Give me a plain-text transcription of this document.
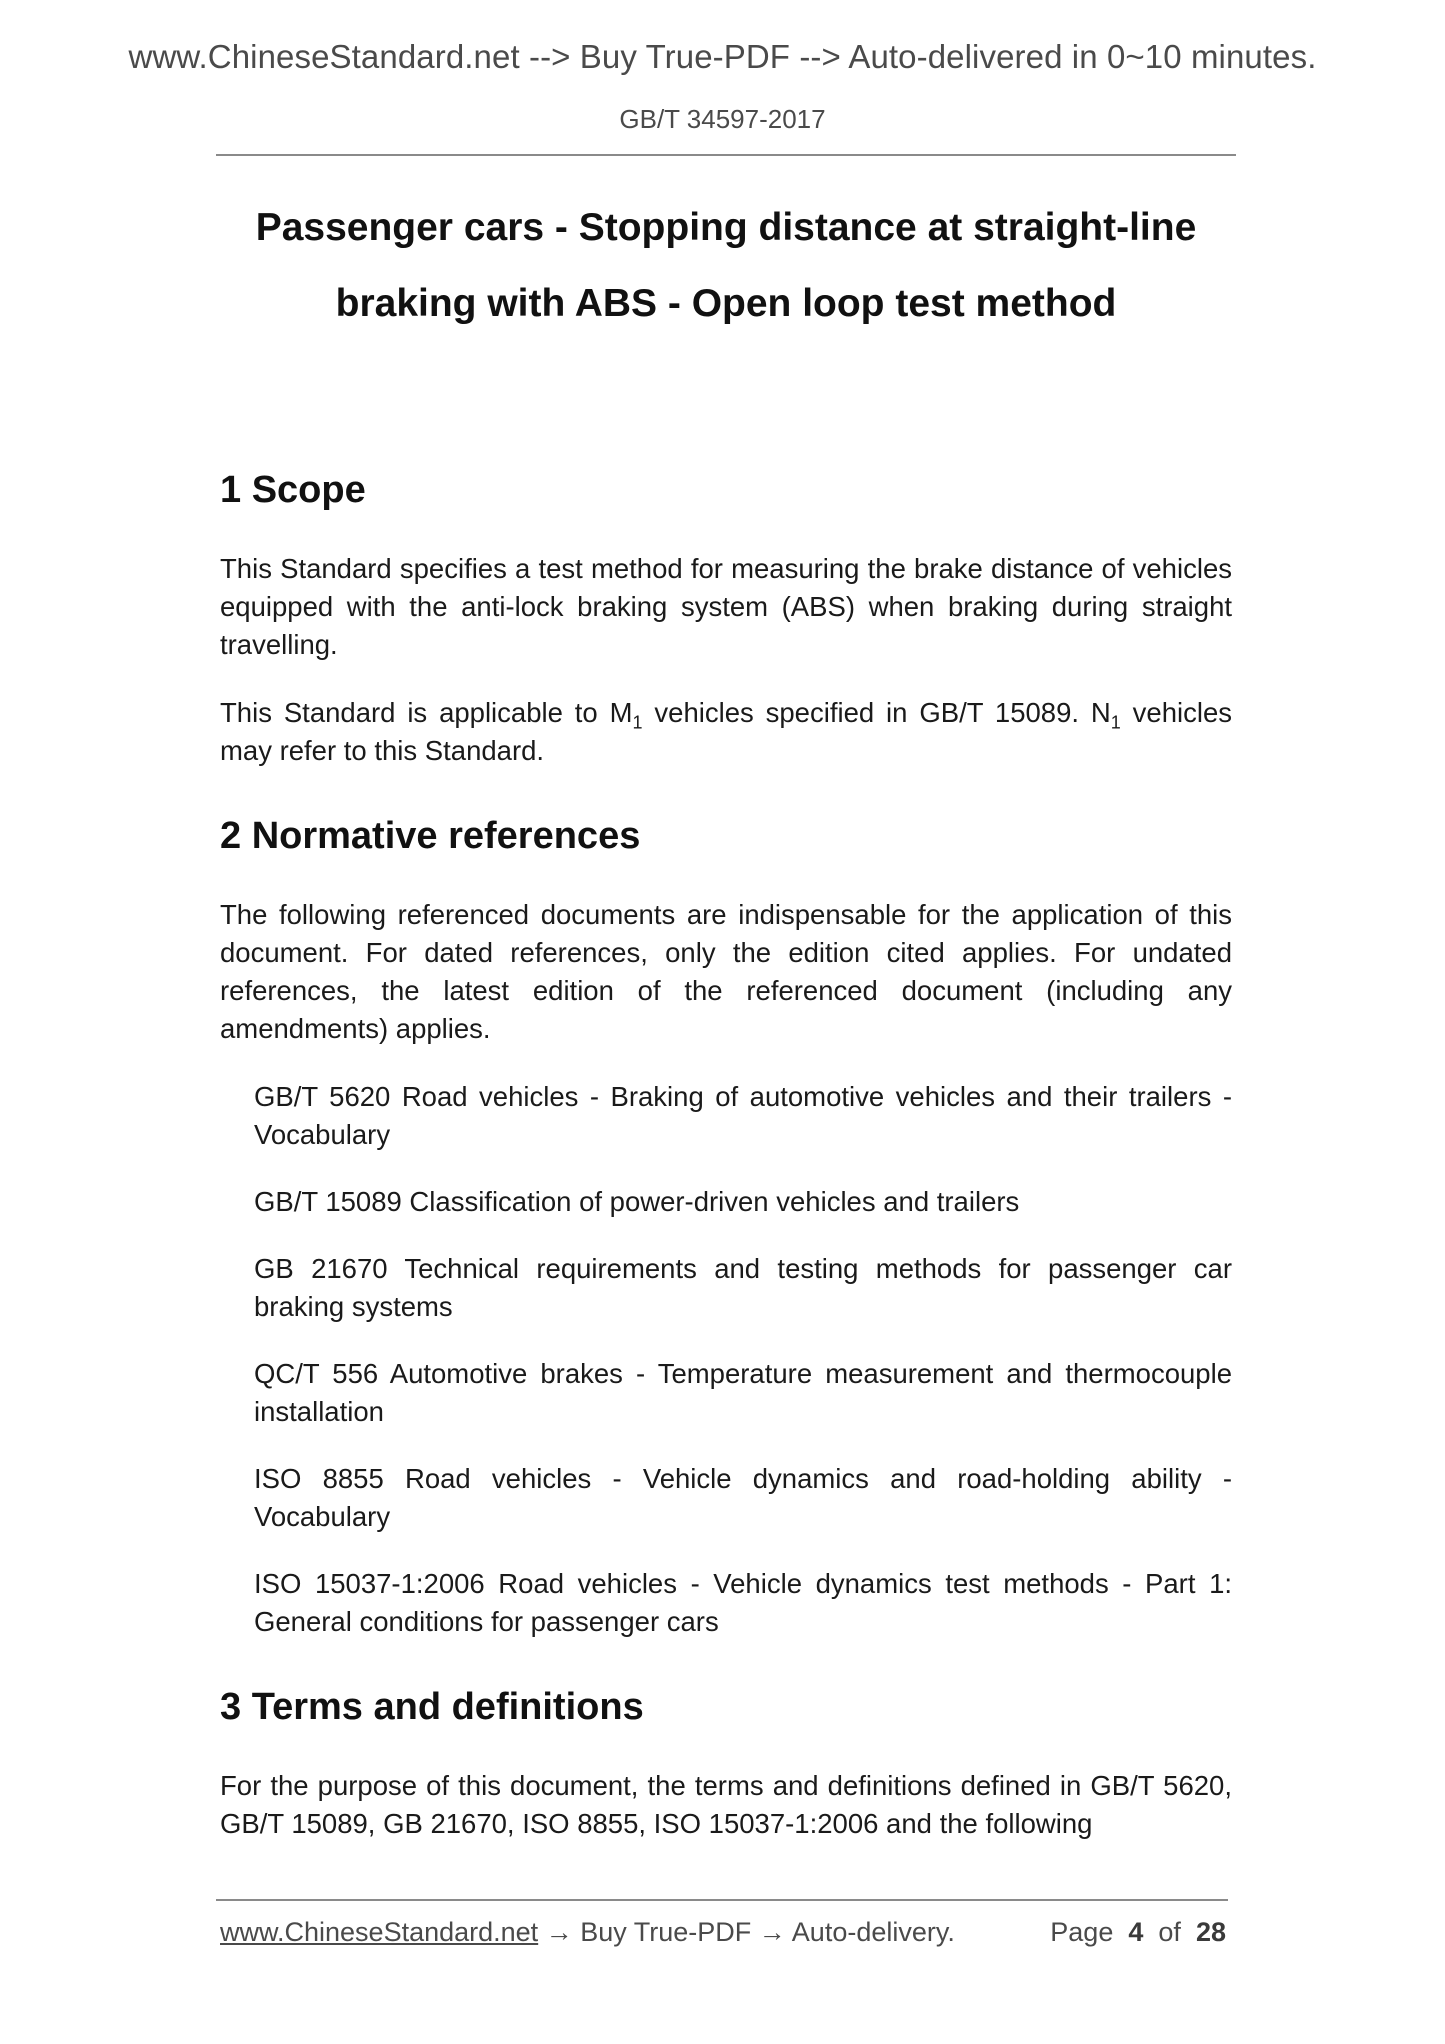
www.ChineseStandard.net --> Buy True-PDF --> Auto-delivered in 0~10 minutes.
GB/T 34597-2017
Passenger cars - Stopping distance at straight-line
braking with ABS - Open loop test method
1 Scope

This Standard specifies a test method for measuring the brake distance of vehicles equipped with the anti-lock braking system (ABS) when braking during straight travelling.

This Standard is applicable to $M_1$ vehicles specified in GB/T 15089. $N_1$ vehicles may refer to this Standard.

2 Normative references

The following referenced documents are indispensable for the application of this document. For dated references, only the edition cited applies. For undated references, the latest edition of the referenced document (including any amendments) applies.

GB/T 5620 Road vehicles - Braking of automotive vehicles and their trailers - Vocabulary
GB/T 15089 Classification of power-driven vehicles and trailers
GB 21670 Technical requirements and testing methods for passenger car braking systems
QC/T 556 Automotive brakes - Temperature measurement and thermocouple installation
ISO 8855 Road vehicles - Vehicle dynamics and road-holding ability - Vocabulary
ISO 15037-1:2006 Road vehicles - Vehicle dynamics test methods - Part 1: General conditions for passenger cars
3 Terms and definitions

For the purpose of this document, the terms and definitions defined in GB/T 5620, GB/T 15089, GB 21670, ISO 8855, ISO 15037-1:2006 and the following

www.ChineseStandard.net → Buy True-PDF → Auto-delivery.	Page 4 of 28
